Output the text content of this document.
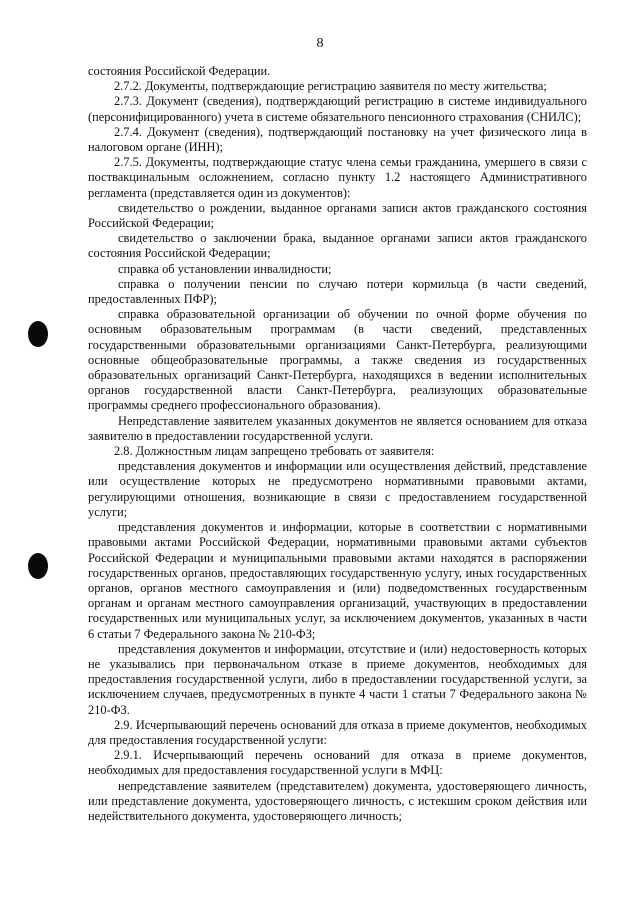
8

состояния Российской Федерации.

2.7.2. Документы, подтверждающие регистрацию заявителя по месту жительства;

2.7.3. Документ (сведения), подтверждающий регистрацию в системе индивидуального (персонифицированного) учета в системе обязательного пенсионного страхования (СНИЛС);

2.7.4. Документ (сведения), подтверждающий постановку на учет физического лица в налоговом органе (ИНН);

2.7.5. Документы, подтверждающие статус члена семьи гражданина, умершего в связи с поствакцинальным осложнением, согласно пункту 1.2 настоящего Административного регламента (представляется один из документов):

свидетельство о рождении, выданное органами записи актов гражданского состояния Российской Федерации;

свидетельство о заключении брака, выданное органами записи актов гражданского состояния Российской Федерации;

справка об установлении инвалидности;

справка о получении пенсии по случаю потери кормильца (в части сведений, предоставленных ПФР);

справка образовательной организации об обучении по очной форме обучения по основным образовательным программам (в части сведений, представленных государственными образовательными организациями Санкт-Петербурга, реализующими основные общеобразовательные программы, а также сведения из государственных образовательных организаций Санкт-Петербурга, находящихся в ведении исполнительных органов государственной власти Санкт-Петербурга, реализующих образовательные программы среднего профессионального образования).

Непредставление заявителем указанных документов не является основанием для отказа заявителю в предоставлении государственной услуги.

2.8. Должностным лицам запрещено требовать от заявителя:

представления документов и информации или осуществления действий, представление или осуществление которых не предусмотрено нормативными правовыми актами, регулирующими отношения, возникающие в связи с предоставлением государственной услуги;

представления документов и информации, которые в соответствии с нормативными правовыми актами Российской Федерации, нормативными правовыми актами субъектов Российской Федерации и муниципальными правовыми актами находятся в распоряжении государственных органов, предоставляющих государственную услугу, иных государственных органов, органов местного самоуправления и (или) подведомственных государственным органам и органам местного самоуправления организаций, участвующих в предоставлении государственных или муниципальных услуг, за исключением документов, указанных в части 6 статьи 7 Федерального закона № 210-ФЗ;

представления документов и информации, отсутствие и (или) недостоверность которых не указывались при первоначальном отказе в приеме документов, необходимых для предоставления государственной услуги, либо в предоставлении государственной услуги, за исключением случаев, предусмотренных в пункте 4 части 1 статьи 7 Федерального закона № 210-ФЗ.

2.9. Исчерпывающий перечень оснований для отказа в приеме документов, необходимых для предоставления государственной услуги:

2.9.1. Исчерпывающий перечень оснований для отказа в приеме документов, необходимых для предоставления государственной услуги в МФЦ:

непредставление заявителем (представителем) документа, удостоверяющего личность, или представление документа, удостоверяющего личность, с истекшим сроком действия или недействительного документа, удостоверяющего личность;
